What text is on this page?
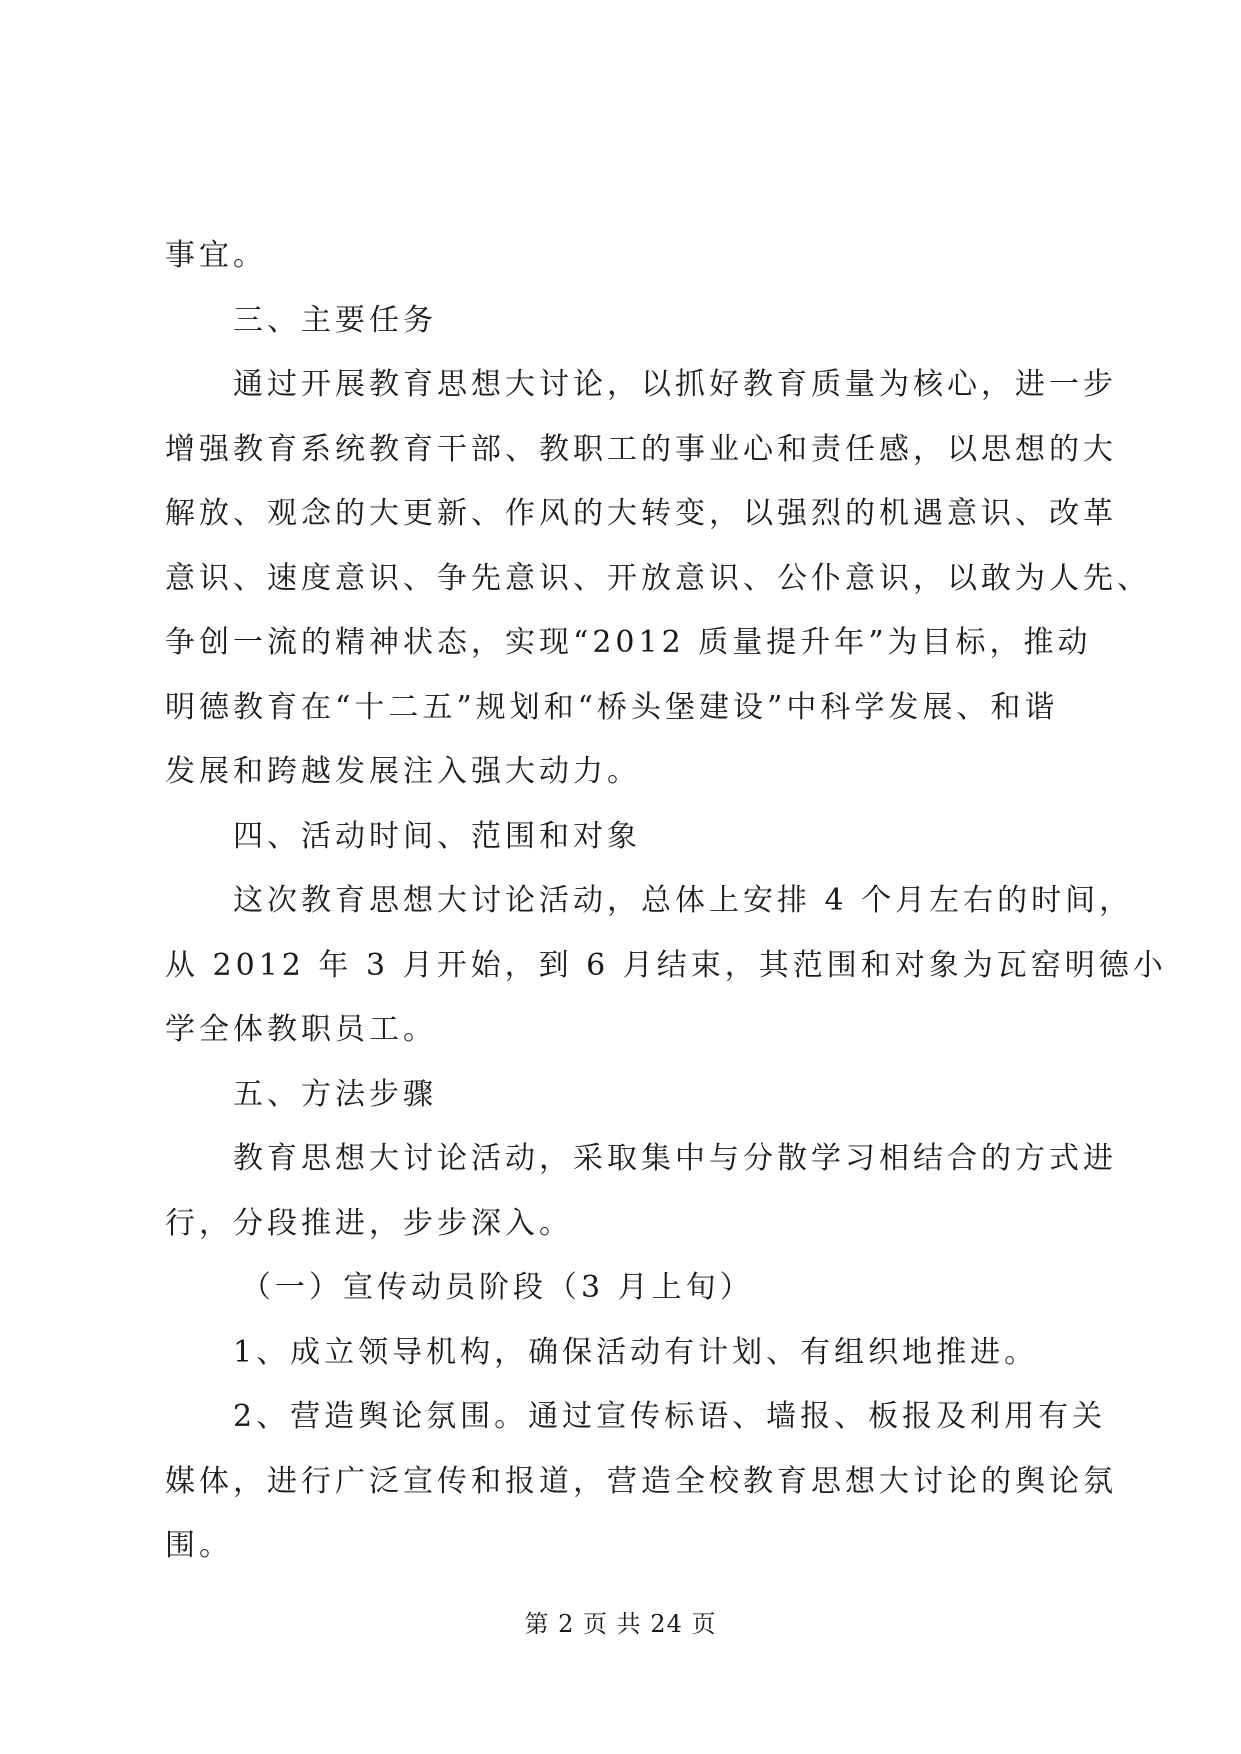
事宜。
三、主要任务
通过开展教育思想大讨论，以抓好教育质量为核心，进一步
增强教育系统教育干部、教职工的事业心和责任感，以思想的大
解放、观念的大更新、作风的大转变，以强烈的机遇意识、改革
意识、速度意识、争先意识、开放意识、公仆意识，以敢为人先、
争创一流的精神状态，实现“2012 质量提升年”为目标，推动
明德教育在“十二五”规划和“桥头堡建设”中科学发展、和谐
发展和跨越发展注入强大动力。
四、活动时间、范围和对象
这次教育思想大讨论活动，总体上安排 4 个月左右的时间，
从 2012 年 3 月开始，到 6 月结束，其范围和对象为瓦窑明德小
学全体教职员工。
五、方法步骤
教育思想大讨论活动，采取集中与分散学习相结合的方式进
行，分段推进，步步深入。
（一）宣传动员阶段（3 月上旬）
1、成立领导机构，确保活动有计划、有组织地推进。
2、营造舆论氛围。通过宣传标语、墙报、板报及利用有关
媒体，进行广泛宣传和报道，营造全校教育思想大讨论的舆论氛
围。
第 2 页 共 24 页
